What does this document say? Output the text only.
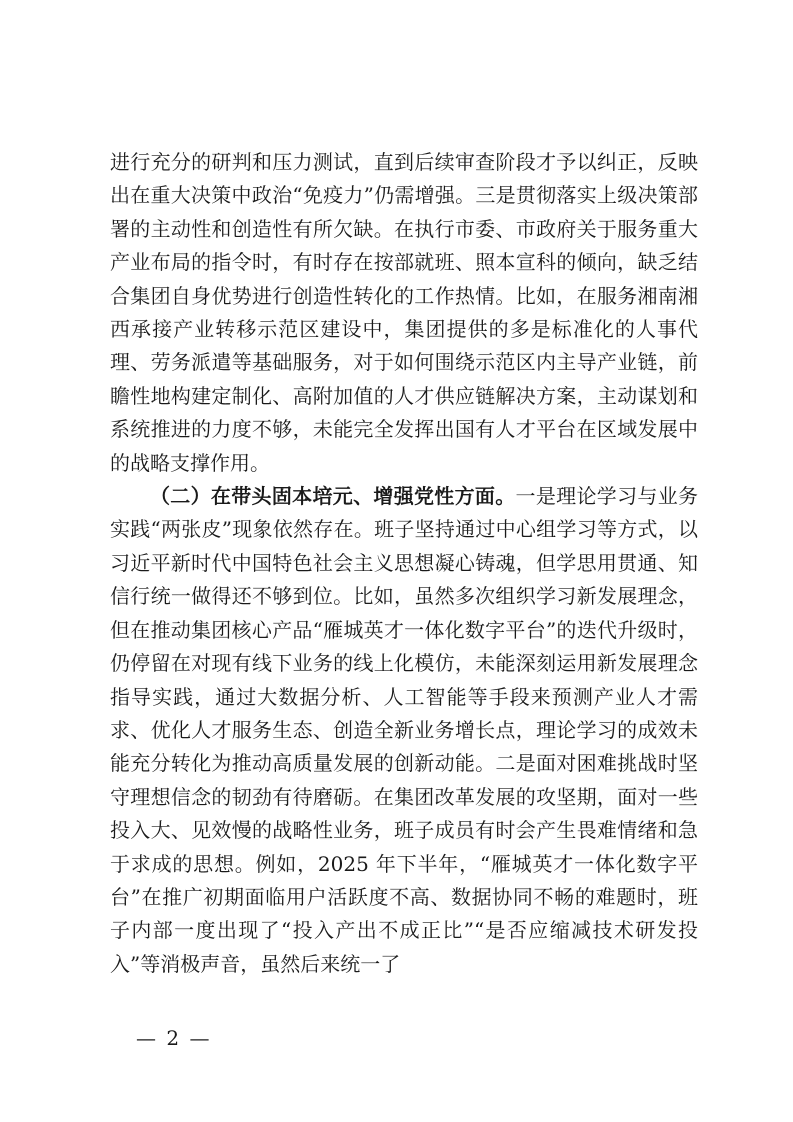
进行充分的研判和压力测试，直到后续审查阶段才予以纠正，反映出在重大决策中政治“免疫力”仍需增强。三是贯彻落实上级决策部署的主动性和创造性有所欠缺。在执行市委、市政府关于服务重大产业布局的指令时，有时存在按部就班、照本宣科的倾向，缺乏结合集团自身优势进行创造性转化的工作热情。比如，在服务湘南湘西承接产业转移示范区建设中，集团提供的多是标准化的人事代理、劳务派遣等基础服务，对于如何围绕示范区内主导产业链，前瞻性地构建定制化、高附加值的人才供应链解决方案，主动谋划和系统推进的力度不够，未能完全发挥出国有人才平台在区域发展中的战略支撑作用。

（二）在带头固本培元、增强党性方面。一是理论学习与业务实践“两张皮”现象依然存在。班子坚持通过中心组学习等方式，以习近平新时代中国特色社会主义思想凝心铸魂，但学思用贯通、知信行统一做得还不够到位。比如，虽然多次组织学习新发展理念，但在推动集团核心产品“雁城英才一体化数字平台”的迭代升级时，仍停留在对现有线下业务的线上化模仿，未能深刻运用新发展理念指导实践，通过大数据分析、人工智能等手段来预测产业人才需求、优化人才服务生态、创造全新业务增长点，理论学习的成效未能充分转化为推动高质量发展的创新动能。二是面对困难挑战时坚守理想信念的韧劲有待磨砺。在集团改革发展的攻坚期，面对一些投入大、见效慢的战略性业务，班子成员有时会产生畏难情绪和急于求成的思想。例如，2025 年下半年，“雁城英才一体化数字平台”在推广初期面临用户活跃度不高、数据协同不畅的难题时，班子内部一度出现了“投入产出不成正比”“是否应缩减技术研发投入”等消极声音，虽然后来统一了

— 2 —
